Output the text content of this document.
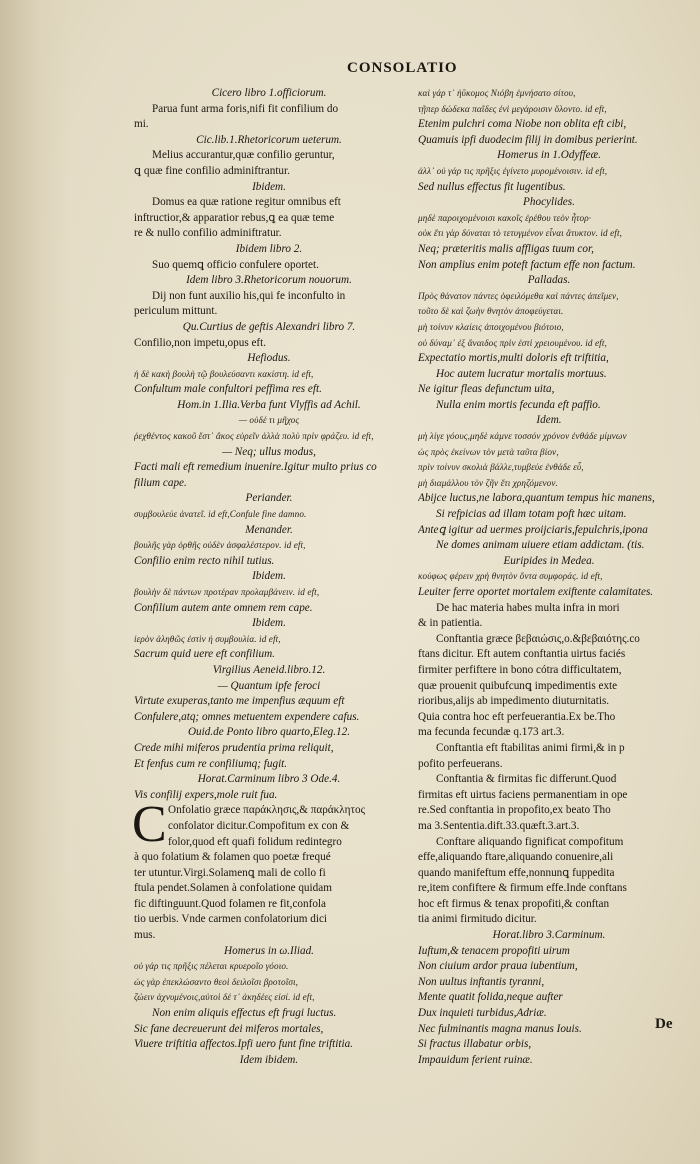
CONSOLATIO
Cicero libro 1.officiorum.
Parua funt arma foris,nifi fit confilium do
mi.
Cic.lib.1.Rhetoricorum ueterum.
Melius accurantur,quæ confilio geruntur,
ꝗ quæ fine confilio adminiftrantur.
Ibidem.
Domus ea quæ ratione regitur omnibus eft
inftructior,& apparatior rebus,ꝗ ea quæ teme
re & nullo confilio adminiftratur.
Ibidem libro 2.
Suo quemꝗ officio confulere oportet.
Idem libro 3.Rhetoricorum nouorum.
Dij non funt auxilio his,qui fe inconfulto in
periculum mittunt.
Qu.Curtius de geftis Alexandri libro 7.
Confilio,non impetu,opus eft.
Hefiodus.
ἡ δὲ κακὴ βουλὴ τῷ βουλεύσαντι κακίστη. id eft,
Confultum male confultori peffima res eft.
Hom.in 1.Ilia.Verba funt Vlyffis ad Achil.
— οὐδέ τι μῆχος
ῥεχθέντος κακοῦ ἔστ᾽ ἄκος εὑρεῖν ἀλλὰ πολὺ πρὶν φράζευ. id eft,
— Neq; ullus modus,
Facti mali eft remedium inuenire.Igitur multo prius co
filium cape.
Periander.
συμβουλεύε ἀνατεῖ. id eft,Confule fine damno.
Menander.
βουλῆς γὰρ ὀρθῆς οὐδὲν ἀσφαλέστερον. id eft,
Confilio enim recto nihil tutius.
Ibidem.
βουλὴν δὲ πάντων προτέραν προλαμβάνειν. id eft,
Confilium autem ante omnem rem cape.
Ibidem.
ἱερὸν ἀληθῶς ἐστὶν ἡ συμβουλία. id eft,
Sacrum quid uere eft confilium.
Virgilius Aeneid.libro.12.
— Quantum ipfe feroci
Virtute exuperas,tanto me impenfius æquum eft
Confulere,atq; omnes metuentem expendere cafus.
Ouid.de Ponto libro quarto,Eleg.12.
Crede mihi miferos prudentia prima reliquit,
Et fenfus cum re confiliumq; fugit.
Horat.Carminum libro 3 Ode.4.
Vis confilij expers,mole ruit fua.
C Onfolatio græce παράκλησις,& παράκλητος
confolator dicitur.Compofitum ex con &
folor,quod eft quafi folidum redintegro
à quo folatium & folamen quo poetæ frequé
ter utuntur.Virgi.Solamenꝗ mali de collo fi
ftula pendet.Solamen à confolatione quidam
fic diftinguunt.Quod folamen re fit,confola
tio uerbis. Vnde carmen confolatorium dici
mus.
Homerus in ω.Iliad.
οὐ γάρ τις πρῆξις πέλεται κρυεροῖο γόοιο.
ὡς γὰρ ἐπεκλώσαντο θεοὶ δειλοῖσι βροτοῖσι,
ζώειν ἀχνυμένοις,αὐτοὶ δέ τ᾽ ἀκηδέες εἰσί. id eft,
Non enim aliquis effectus eft frugi luctus.
Sic fane decreuerunt dei miferos mortales,
Viuere triftitia affectos.Ipfi uero funt fine triftitia.
Idem ibidem.
καὶ γάρ τ᾽ ἠΰκομος Νιόβη ἐμνήσατο σίτου,
τῇπερ δώδεκα παῖδες ἐνὶ μεγάροισιν ὄλοντο. id eft,
Etenim pulchri coma Niobe non oblita eft cibi,
Quamuis ipfi duodecim filij in domibus perierint.
Homerus in 1.Odyffeæ.
ἀλλ᾽ οὐ γάρ τις πρῆξις ἐγίνετο μυρομένοισιν. id eft,
Sed nullus effectus fit lugentibus.
Phocylides.
μηδὲ παροιχομένοισι κακοῖς ἐρέθου τεὸν ἦτορ·
οὐκ ἔτι γὰρ δύναται τὸ τετυγμένον εἶναι ἄτυκτον. id eft,
Neq; præteritis malis affligas tuum cor,
Non amplius enim poteft factum effe non factum.
Palladas.
Πρὸς θάνατον πάντες ὀφειλόμεθα καὶ πάντες ἀπεῖμεν,
τοῦτο δὲ καὶ ζωὴν θνητὸν ἀποφεύγεται.
μὴ τοίνυν κλαίεις ἀποιχομένου βιότοιο,
οὐ δύναμ᾽ ἐξ ἄναιδος πρὶν ἐστὶ χρειουμένου. id eft,
Expectatio mortis,multi doloris eft triftitia,
Hoc autem lucratur mortalis mortuus.
Ne igitur fleas defunctum uita,
Nulla enim mortis fecunda eft paffio.
Idem.
μὴ λίγε γόους,μηδὲ κάμνε τοσσόν χρόνον ἐνθάδε μίμνων
ὡς πρὸς ἐκείνων τὸν μετὰ ταῦτα βίον,
πρὶν τοίνυν σκολιὰ βάλλε,τυμβεύε ἐνθάδε εὖ,
μὴ διαμάλλου τὸν ζῆν ἔτι χρηζόμενον.
Abijce luctus,ne labora,quantum tempus hic manens,
Si refpicias ad illam totam poft hæc uitam.
Anteꝗ igitur ad uermes proijciaris,fepulchris,ipona
Ne domes animam uiuere etiam addictam. (tis.
Euripides in Medea.
κούφως φέρειν χρὴ θνητὸν ὄντα συμφοράς. id eft,
Leuiter ferre oportet mortalem exiftente calamitates.
De hac materia habes multa infra in mori
& in patientia.
Conftantia græce βεβαιώσις,ο.&βεβαιότης.co
ftans dicitur. Eft autem conftantia uirtus faciés
firmiter perfiftere in bono cótra difficultatem,
quæ prouenit quibufcunꝗ impedimentis exte
rioribus,alijs ab impedimento diuturnitatis.
Quia contra hoc eft perfeuerantia.Ex be.Tho
ma fecunda fecundæ q.173 art.3.
Conftantia eft ftabilitas animi firmi,& in p
pofito perfeuerans.
Conftantia & firmitas fic differunt.Quod
firmitas eft uirtus faciens permanentiam in ope
re.Sed conftantia in propofito,ex beato Tho
ma 3.Sententia.dift.33.quæft.3.art.3.
Conftare aliquando fignificat compofitum
effe,aliquando ftare,aliquando conuenire,ali
quando manifeftum effe,nonnunꝗ fuppedita
re,item confiftere & firmum effe.Inde conftans
hoc eft firmus & tenax propofiti,& conftan
tia animi firmitudo dicitur.
Horat.libro 3.Carminum.
Iuftum,& tenacem propofiti uirum
Non ciuium ardor praua iubentium,
Non uultus inftantis tyranni,
Mente quatit folida,neque aufter
Dux inquieti turbidus,Adriæ.
Nec fulminantis magna manus Iouis.
Si fractus illabatur orbis,
Impauidum ferient ruinæ.
De
